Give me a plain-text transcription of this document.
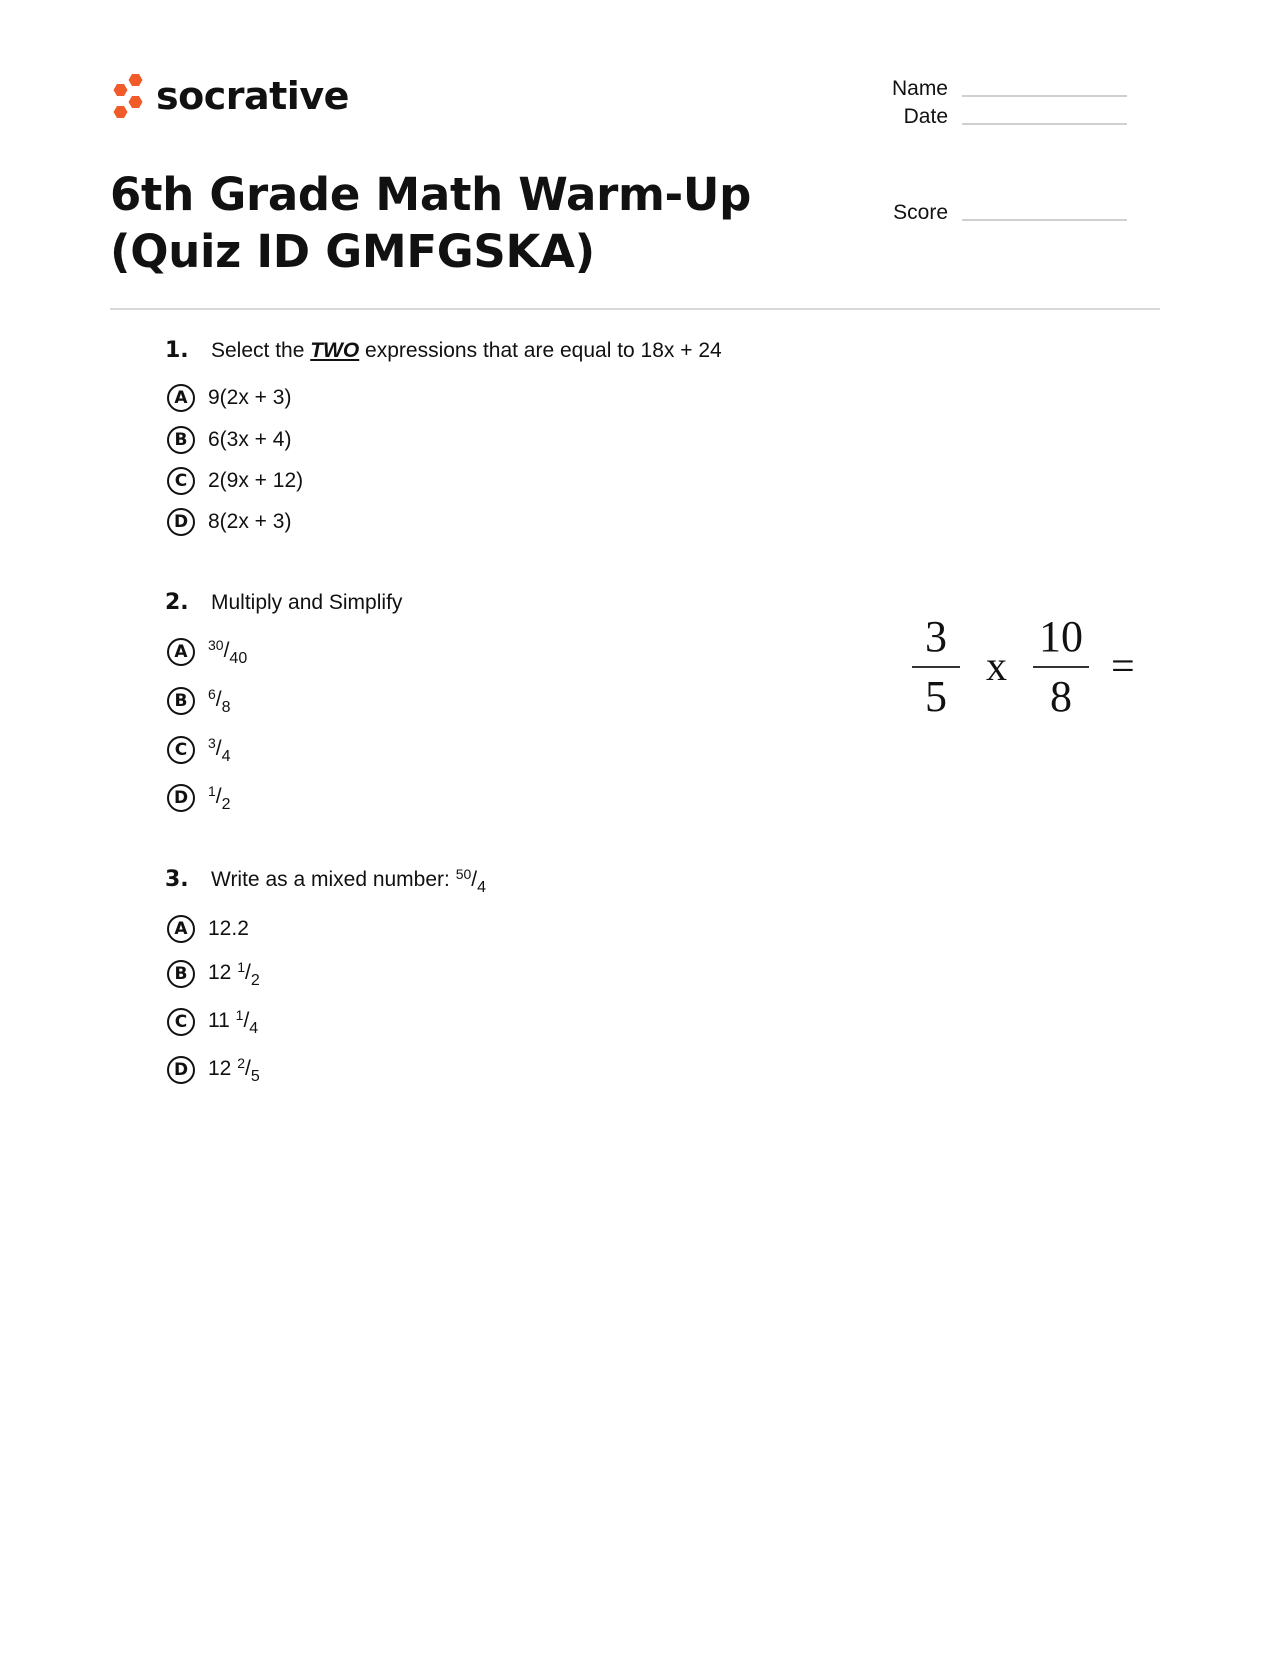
socrative	Name
Date
Score
6th Grade Math Warm-Up (Quiz ID GMFGSKA)
1.	Select the TWO expressions that are equal to 18x + 24
A 9(2x + 3)
B 6(3x + 4)
C 2(9x + 12)
D 8(2x + 3)
2.	Multiply and Simplify
A	$^{30}/_{40}$
B	$^6/_8$
C	$^3/_4$
D	$^1/_2$
$\frac{3}{5}$ x $\frac{10}{8}$ =
3.	Write as a mixed number: $^{50}/_4$
A 12.2
B 12 $^1/_2$
C 11 $^1/_4$
D 12 $^2/_5$
